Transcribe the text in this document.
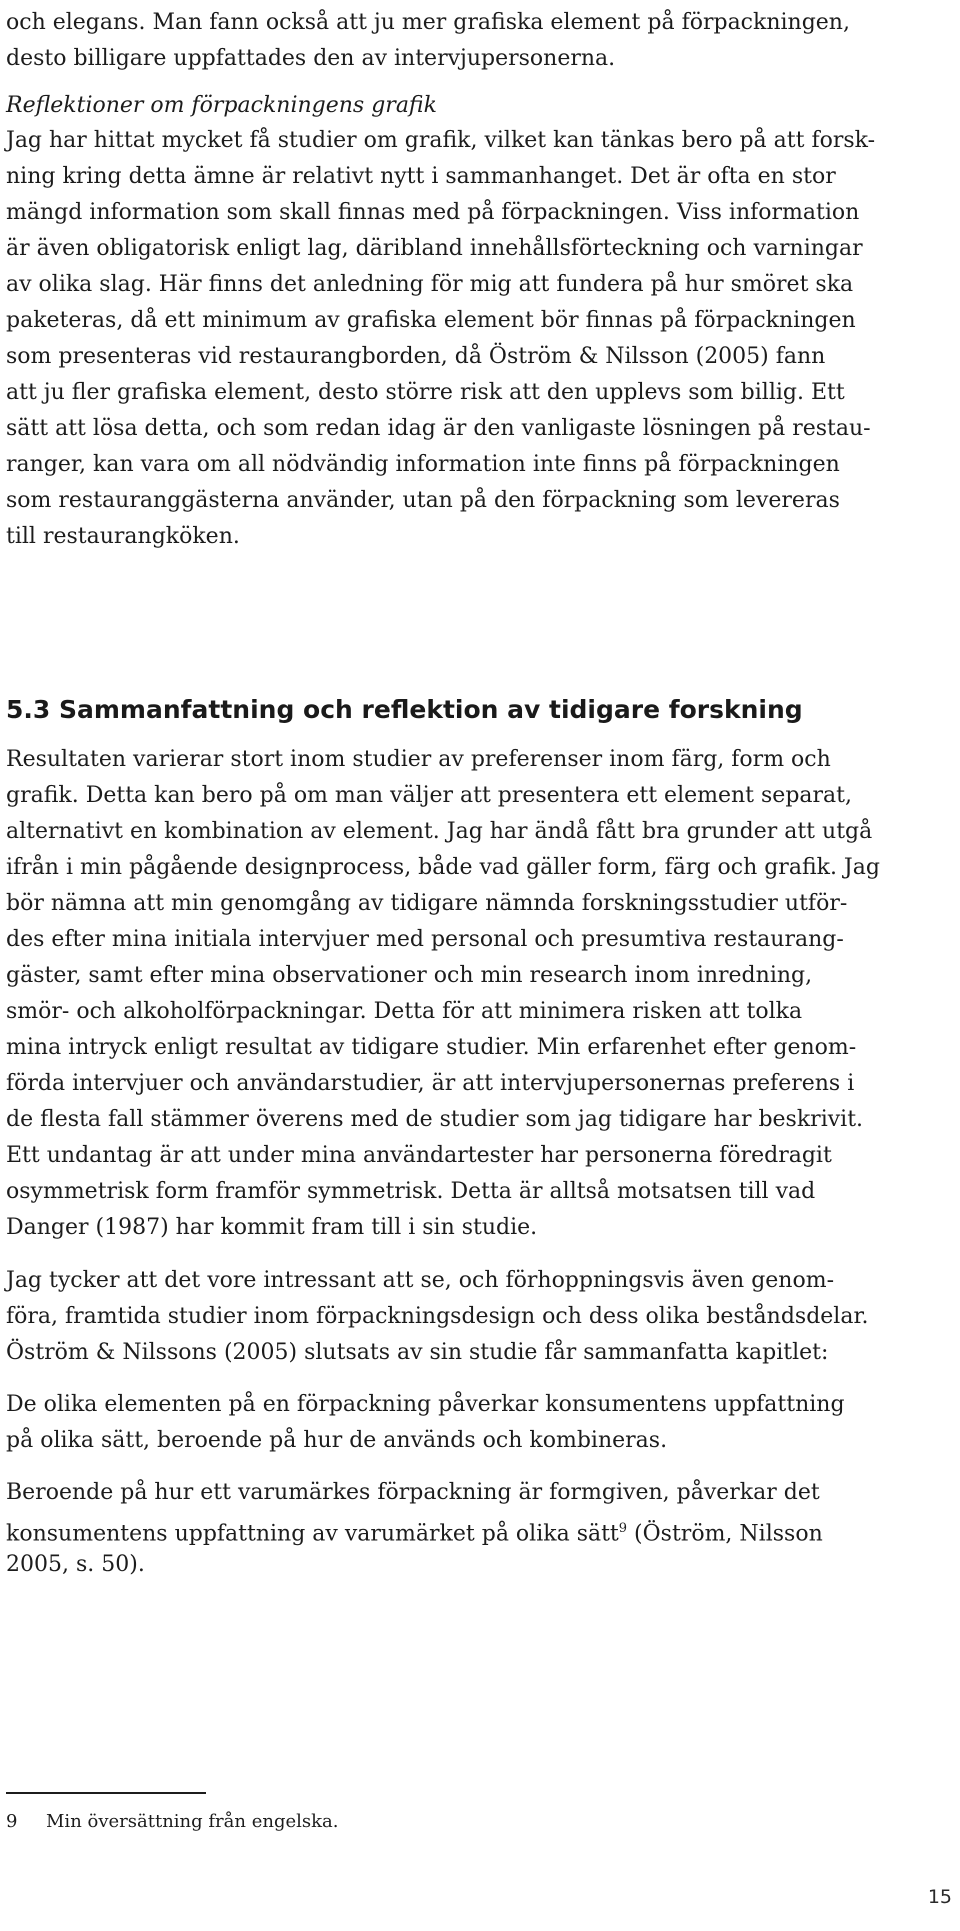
och elegans. Man fann också att ju mer grafiska element på förpackningen,
desto billigare uppfattades den av intervjupersonerna.
Reflektioner om förpackningens grafik
Jag har hittat mycket få studier om grafik, vilket kan tänkas bero på att forsk-
ning kring detta ämne är relativt nytt i sammanhanget. Det är ofta en stor
mängd information som skall finnas med på förpackningen. Viss information
är även obligatorisk enligt lag, däribland innehållsförteckning och varningar
av olika slag. Här finns det anledning för mig att fundera på hur smöret ska
paketeras, då ett minimum av grafiska element bör finnas på förpackningen
som presenteras vid restaurangborden, då Öström & Nilsson (2005) fann
att ju fler grafiska element, desto större risk att den upplevs som billig. Ett
sätt att lösa detta, och som redan idag är den vanligaste lösningen på restau-
ranger, kan vara om all nödvändig information inte finns på förpackningen
som restauranggästerna använder, utan på den förpackning som levereras
till restaurangköken.
5.3 Sammanfattning och reflektion av tidigare forskning
Resultaten varierar stort inom studier av preferenser inom färg, form och
grafik. Detta kan bero på om man väljer att presentera ett element separat,
alternativt en kombination av element. Jag har ändå fått bra grunder att utgå
ifrån i min pågående designprocess, både vad gäller form, färg och grafik. Jag
bör nämna att min genomgång av tidigare nämnda forskningsstudier utför-
des efter mina initiala intervjuer med personal och presumtiva restaurang-
gäster, samt efter mina observationer och min research inom inredning,
smör- och alkoholförpackningar. Detta för att minimera risken att tolka
mina intryck enligt resultat av tidigare studier. Min erfarenhet efter genom-
förda intervjuer och användarstudier, är att intervjupersonernas preferens i
de flesta fall stämmer överens med de studier som jag tidigare har beskrivit.
Ett undantag är att under mina användartester har personerna föredragit
osymmetrisk form framför symmetrisk. Detta är alltså motsatsen till vad
Danger (1987) har kommit fram till i sin studie.
Jag tycker att det vore intressant att se, och förhoppningsvis även genom-
föra, framtida studier inom förpackningsdesign och dess olika beståndsdelar.
Öström & Nilssons (2005) slutsats av sin studie får sammanfatta kapitlet:
De olika elementen på en förpackning påverkar konsumentens uppfattning
på olika sätt, beroende på hur de används och kombineras.
Beroende på hur ett varumärkes förpackning är formgiven, påverkar det
konsumentens uppfattning av varumärket på olika sätt$^9$ (Öström, Nilsson
2005, s. 50).
9 Min översättning från engelska.
15
